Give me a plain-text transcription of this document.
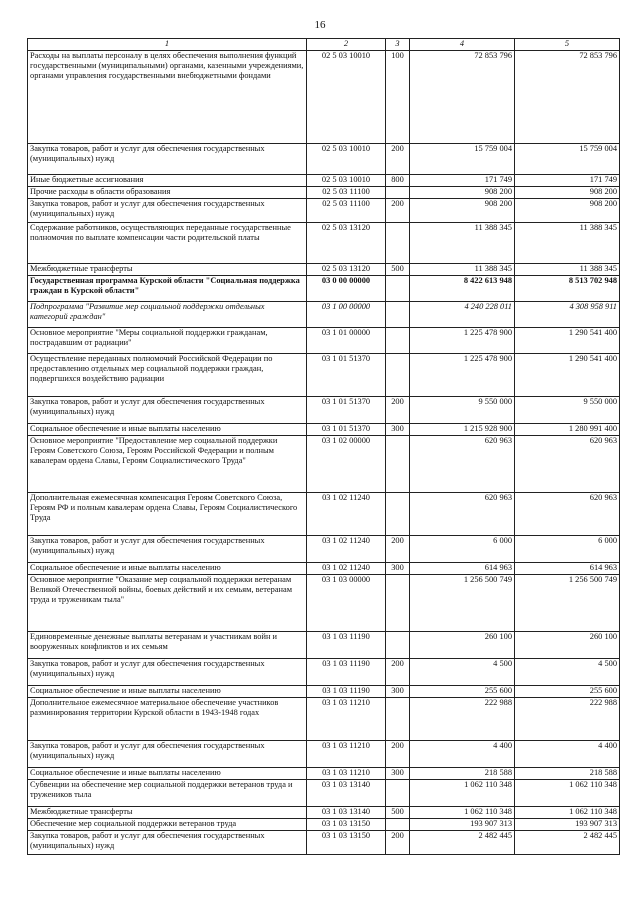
16
1	2	3	4	5
Расходы на выплаты персоналу в целях обеспечения выполнения функций государственными (муниципальными) органами, казенными учреждениями, органами управления государственными внебюджетными фондами	02 5 03 10010	100	72 853 796	72 853 796
Закупка товаров, работ и услуг для обеспечения государственных (муниципальных) нужд	02 5 03 10010	200	15 759 004	15 759 004
Иные бюджетные ассигнования	02 5 03 10010	800	171 749	171 749
Прочие расходы в области образования	02 5 03 11100		908 200	908 200
Закупка товаров, работ и услуг для обеспечения государственных (муниципальных) нужд	02 5 03 11100	200	908 200	908 200
Содержание работников, осуществляющих переданные государственные полномочия по выплате компенсации части родительской платы	02 5 03 13120		11 388 345	11 388 345
Межбюджетные трансферты	02 5 03 13120	500	11 388 345	11 388 345
Государственная программа Курской области "Социальная поддержка граждан в Курской области"	03 0 00 00000		8 422 613 948	8 513 702 948
Подпрограмма "Развитие мер социальной поддержки отдельных категорий граждан"	03 1 00 00000		4 240 228 011	4 308 958 911
Основное мероприятие "Меры социальной поддержки гражданам, пострадавшим от радиации"	03 1 01 00000		1 225 478 900	1 290 541 400
Осуществление переданных полномочий Российской Федерации по предоставлению отдельных мер социальной поддержки граждан, подвергшихся воздействию радиации	03 1 01 51370		1 225 478 900	1 290 541 400
Закупка товаров, работ и услуг для обеспечения государственных (муниципальных) нужд	03 1 01 51370	200	9 550 000	9 550 000
Социальное обеспечение и иные выплаты населению	03 1 01 51370	300	1 215 928 900	1 280 991 400
Основное мероприятие "Предоставление мер социальной поддержки Героям Советского Союза, Героям Российской Федерации и полным кавалерам ордена Славы, Героям Социалистического Труда"	03 1 02 00000		620 963	620 963
Дополнительная ежемесячная компенсация Героям Советского Союза, Героям РФ и полным кавалерам ордена Славы, Героям Социалистического Труда	03 1 02 11240		620 963	620 963
Закупка товаров, работ и услуг для обеспечения государственных (муниципальных) нужд	03 1 02 11240	200	6 000	6 000
Социальное обеспечение и иные выплаты населению	03 1 02 11240	300	614 963	614 963
Основное мероприятие "Оказание мер социальной поддержки ветеранам Великой Отечественной войны, боевых действий и их семьям, ветеранам труда и труженикам тыла"	03 1 03 00000		1 256 500 749	1 256 500 749
Единовременные денежные выплаты ветеранам и участникам войн и вооруженных конфликтов и их семьям	03 1 03 11190		260 100	260 100
Закупка товаров, работ и услуг для обеспечения государственных (муниципальных) нужд	03 1 03 11190	200	4 500	4 500
Социальное обеспечение и иные выплаты населению	03 1 03 11190	300	255 600	255 600
Дополнительное ежемесячное материальное обеспечение участников разминирования территории Курской области в 1943-1948 годах	03 1 03 11210		222 988	222 988
Закупка товаров, работ и услуг для обеспечения государственных (муниципальных) нужд	03 1 03 11210	200	4 400	4 400
Социальное обеспечение и иные выплаты населению	03 1 03 11210	300	218 588	218 588
Субвенции на обеспечение мер социальной поддержки ветеранов труда и тружеников тыла	03 1 03 13140		1 062 110 348	1 062 110 348
Межбюджетные трансферты	03 1 03 13140	500	1 062 110 348	1 062 110 348
Обеспечение мер социальной поддержки ветеранов труда	03 1 03 13150		193 907 313	193 907 313
Закупка товаров, работ и услуг для обеспечения государственных (муниципальных) нужд	03 1 03 13150	200	2 482 445	2 482 445
